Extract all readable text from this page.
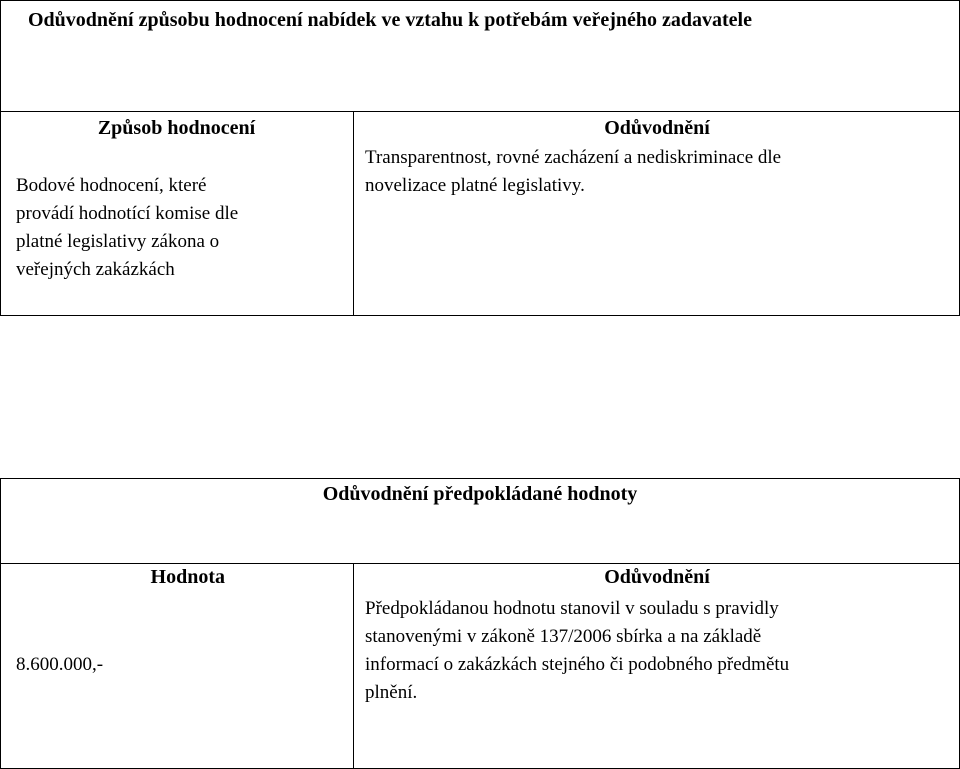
Odůvodnění způsobu hodnocení nabídek ve vztahu k potřebám veřejného zadavatele
Způsob hodnocení
Bodové hodnocení, které
provádí hodnotící komise dle
platné legislativy zákona o
veřejných zakázkách
Odůvodnění
Transparentnost, rovné zacházení a nediskriminace dle
novelizace platné legislativy.
Odůvodnění předpokládané hodnoty
Hodnota
8.600.000,-
Odůvodnění
Předpokládanou hodnotu stanovil v souladu s pravidly
stanovenými v zákoně 137/2006 sbírka a na základě
informací o zakázkách stejného či podobného předmětu
plnění.
